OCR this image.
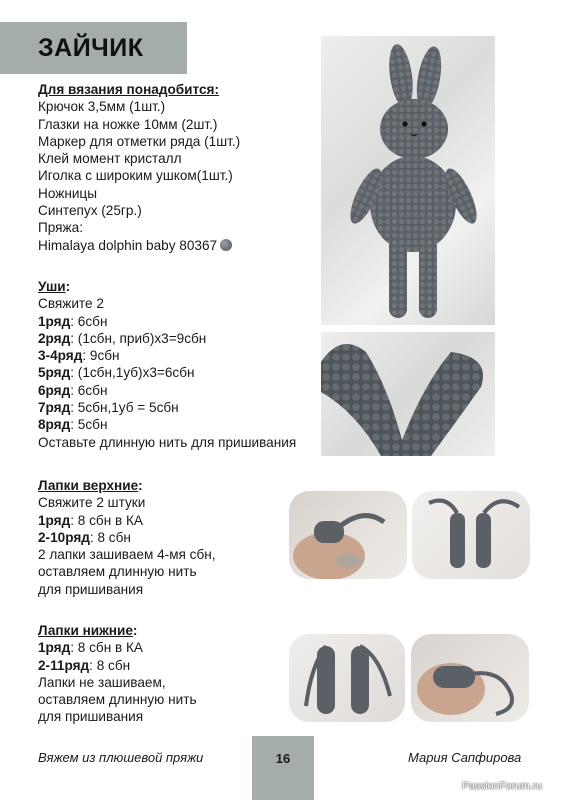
ЗАЙЧИК
Для вязания понадобится:
Крючок 3,5мм (1шт.)
Глазки на ножке 10мм (2шт.)
Маркер для отметки ряда (1шт.)
Клей момент кристалл
Иголка с широким ушком(1шт.)
Ножницы
Синтепух (25гр.)
Пряжа:
Himalaya dolphin baby 80367
Уши:
Свяжите 2
1ряд: 6сбн
2ряд: (1сбн, приб)х3=9сбн
3-4ряд: 9сбн
5ряд: (1сбн,1уб)х3=6сбн
6ряд: 6сбн
7ряд: 5сбн,1уб = 5сбн
8ряд: 5сбн
Оставьте длинную нить для пришивания
Лапки верхние:
Свяжите 2 штуки
1ряд: 8 сбн в КА
2-10ряд: 8 сбн
2 лапки зашиваем 4-мя сбн,
оставляем длинную нить
для пришивания
Лапки нижние:
1ряд: 8 сбн в КА
2-11ряд: 8 сбн
Лапки не зашиваем,
оставляем длинную нить
для пришивания
Вяжем из плюшевой пряжи	16	Мария Сапфирова
PassionForum.ru
